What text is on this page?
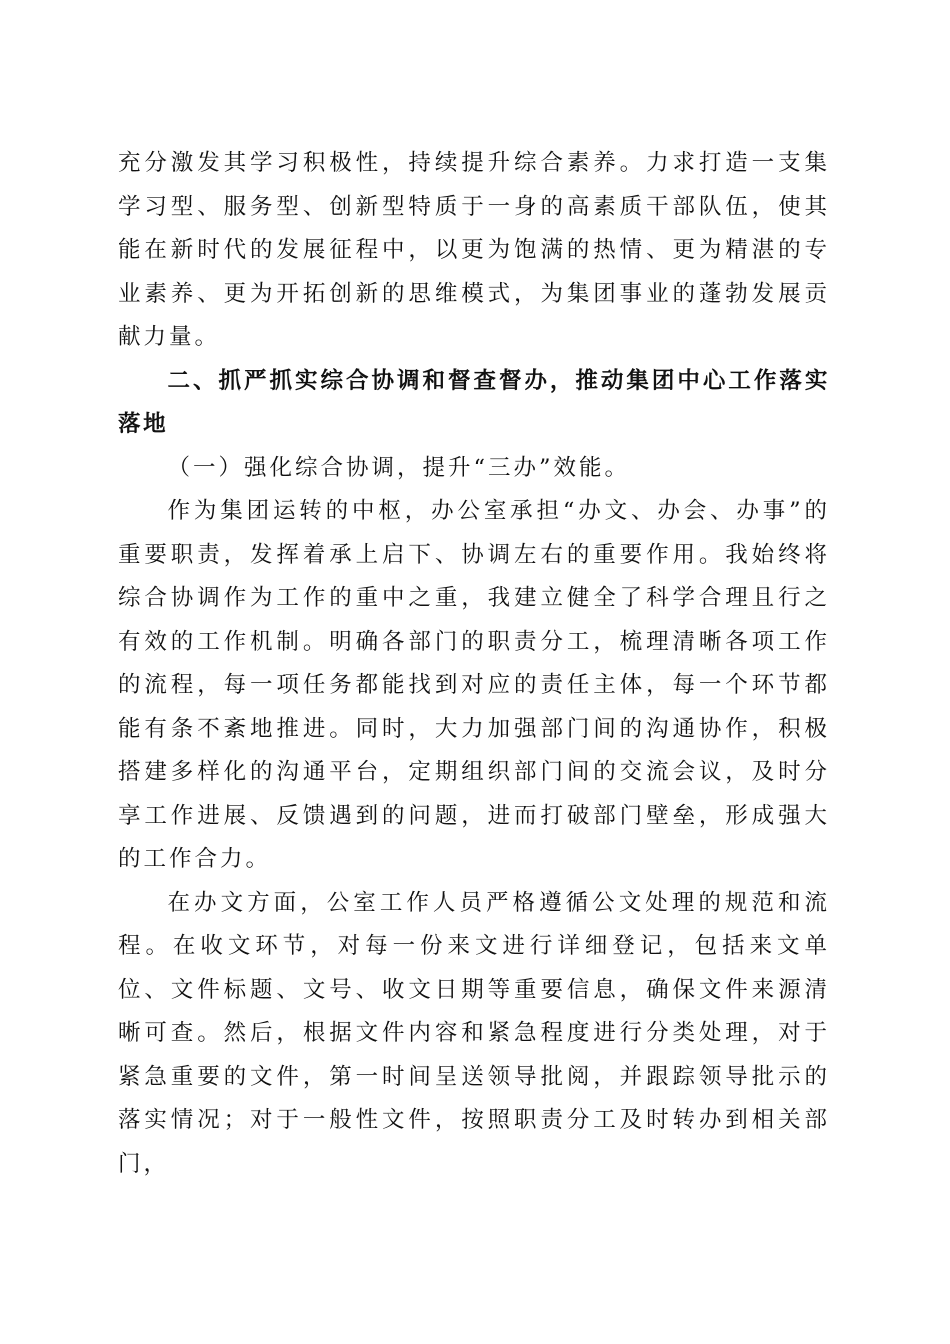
充分激发其学习积极性，持续提升综合素养。力求打造一支集学习型、服务型、创新型特质于一身的高素质干部队伍，使其能在新时代的发展征程中，以更为饱满的热情、更为精湛的专业素养、更为开拓创新的思维模式，为集团事业的蓬勃发展贡献力量。

二、抓严抓实综合协调和督查督办，推动集团中心工作落实落地

（一）强化综合协调，提升“三办”效能。

作为集团运转的中枢，办公室承担“办文、办会、办事”的重要职责，发挥着承上启下、协调左右的重要作用。我始终将综合协调作为工作的重中之重，我建立健全了科学合理且行之有效的工作机制。明确各部门的职责分工，梳理清晰各项工作的流程，每一项任务都能找到对应的责任主体，每一个环节都能有条不紊地推进。同时，大力加强部门间的沟通协作，积极搭建多样化的沟通平台，定期组织部门间的交流会议，及时分享工作进展、反馈遇到的问题，进而打破部门壁垒，形成强大的工作合力。

在办文方面，公室工作人员严格遵循公文处理的规范和流程。在收文环节，对每一份来文进行详细登记，包括来文单位、文件标题、文号、收文日期等重要信息，确保文件来源清晰可查。然后，根据文件内容和紧急程度进行分类处理，对于紧急重要的文件，第一时间呈送领导批阅，并跟踪领导批示的落实情况；对于一般性文件，按照职责分工及时转办到相关部门，
